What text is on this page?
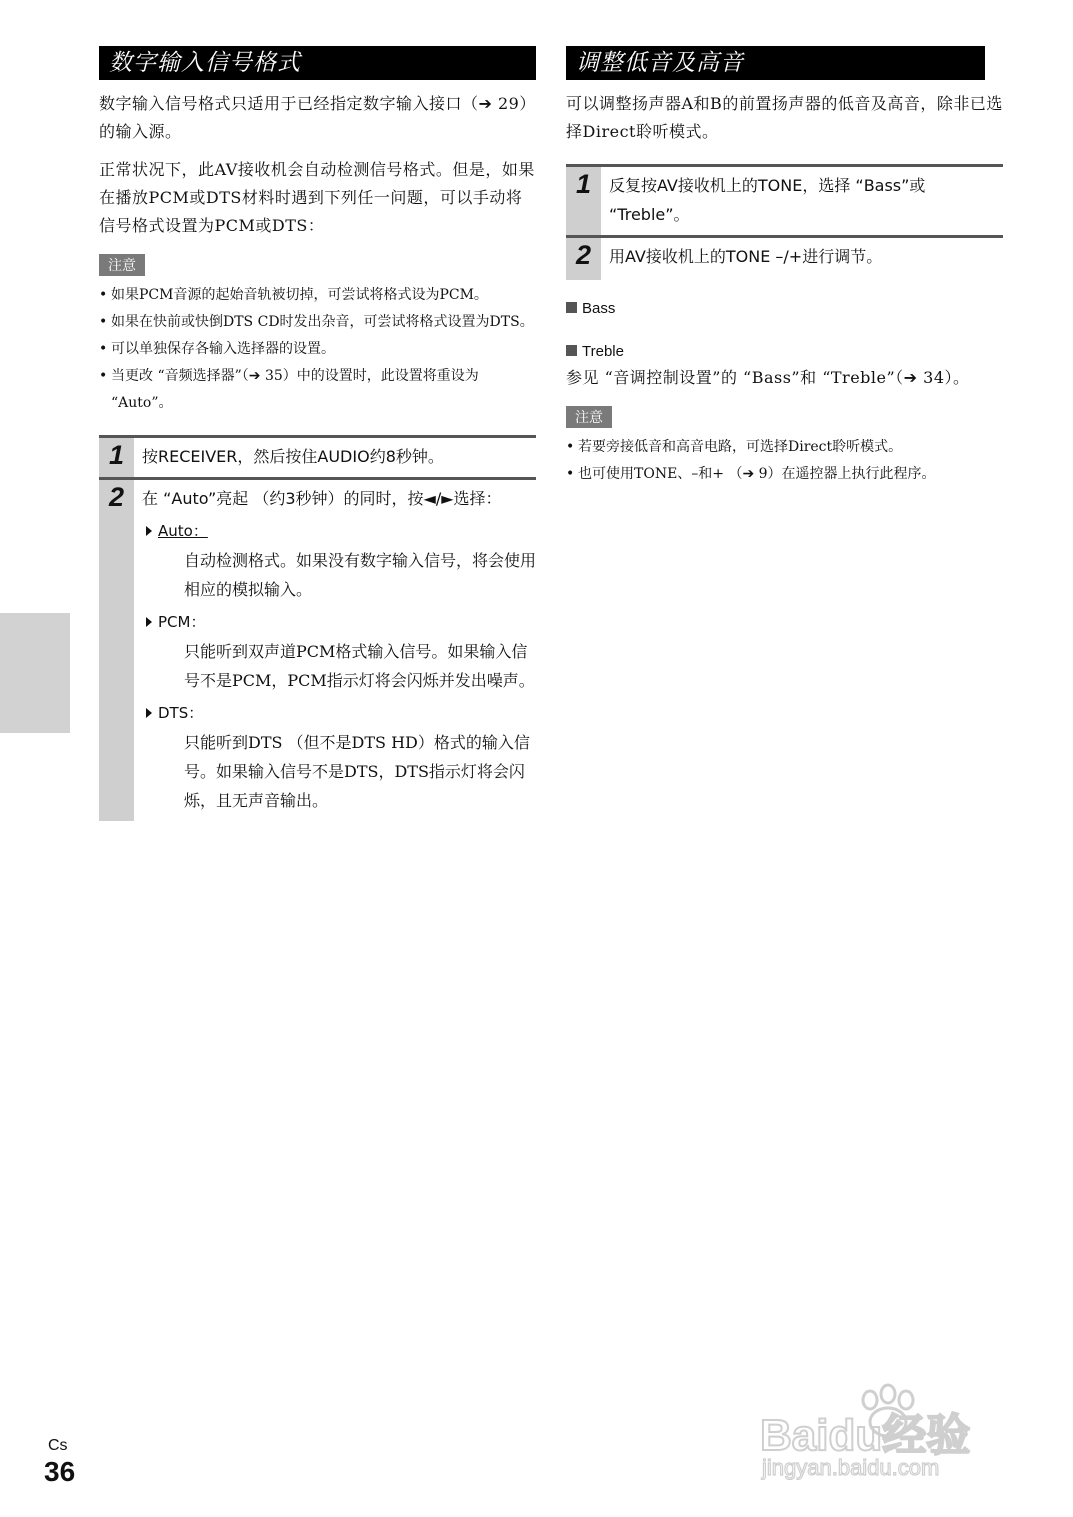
数字输入信号格式

数字输入信号格式只适用于已经指定数字输入接口（➔ 29）的输入源。

正常状况下，此AV接收机会自动检测信号格式。但是，如果在播放PCM或DTS材料时遇到下列任一问题，可以手动将信号格式设置为PCM或DTS：

注意
• 如果PCM音源的起始音轨被切掉，可尝试将格式设为PCM。
• 如果在快前或快倒DTS CD时发出杂音，可尝试将格式设置为DTS。
• 可以单独保存各输入选择器的设置。
• 当更改 “音频选择器”（➔ 35）中的设置时，此设置将重设为 “Auto”。
1	按RECEIVER，然后按住AUDIO约8秒钟。
2	在 “Auto”亮起 （约3秒钟）的同时，按◄/►选择：
Auto：
自动检测格式。如果没有数字输入信号，将会使用相应的模拟输入。
PCM：
只能听到双声道PCM格式输入信号。如果输入信号不是PCM，PCM指示灯将会闪烁并发出噪声。
DTS：
只能听到DTS （但不是DTS HD）格式的输入信号。如果输入信号不是DTS，DTS指示灯将会闪烁，且无声音输出。
调整低音及高音

可以调整扬声器A和B的前置扬声器的低音及高音，除非已选择Direct聆听模式。

1	反复按AV接收机上的TONE，选择 “Bass”或 “Treble”。
2	用AV接收机上的TONE –/+进行调节。
Bass
Treble

参见 “音调控制设置”的 “Bass”和 “Treble”（➔ 34）。

注意
• 若要旁接低音和高音电路，可选择Direct聆听模式。
• 也可使用TONE、–和+ （➔ 9）在遥控器上执行此程序。
Cs
36
Baidu经验
jingyan.baidu.com
